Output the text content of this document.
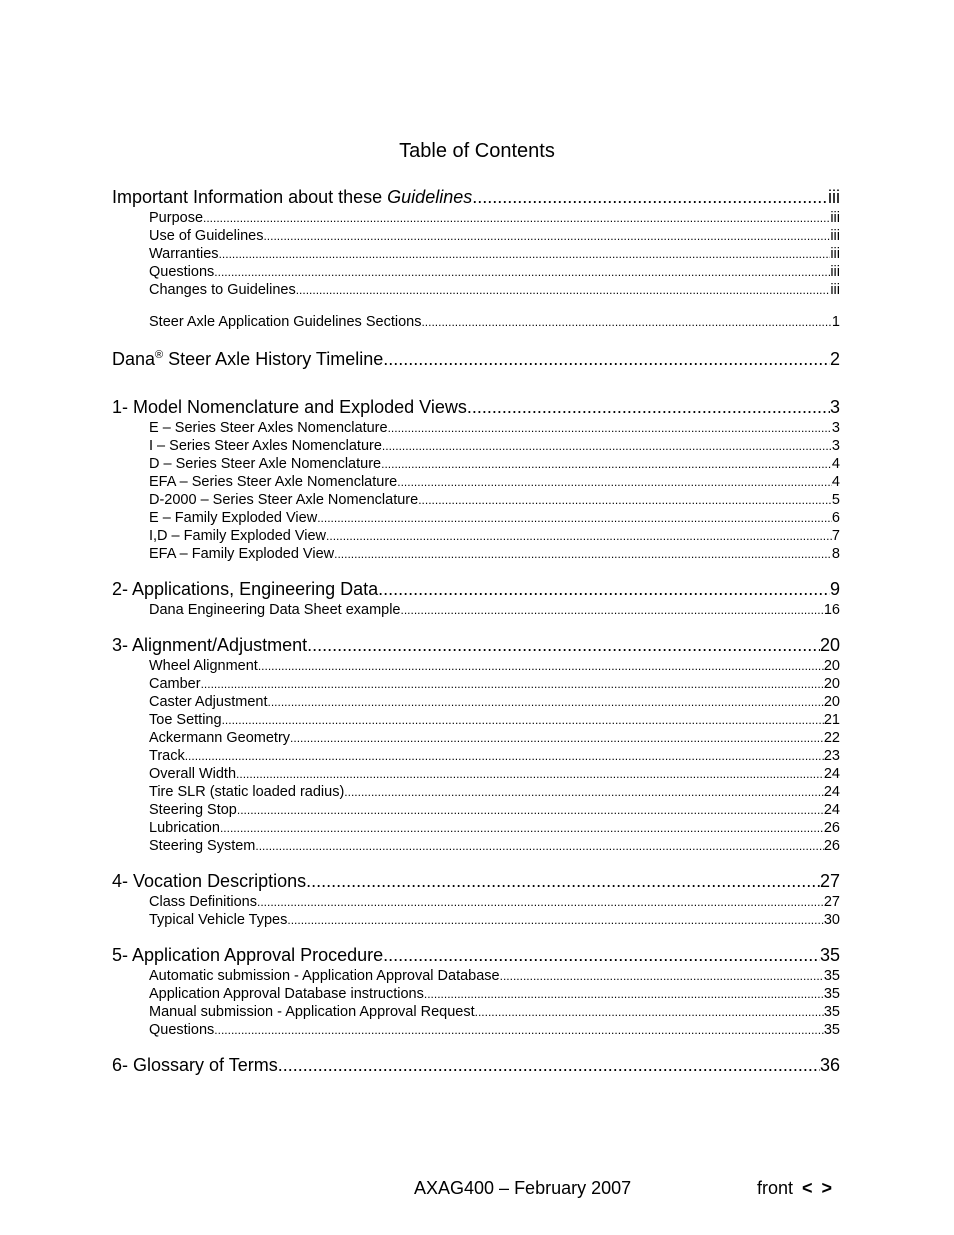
Table of Contents
Important Information about these Guidelines .....	iii
Purpose .....	iii
Use of Guidelines .....	iii
Warranties .....	iii
Questions .....	iii
Changes to Guidelines .....	iii
Steer Axle Application Guidelines Sections .....	1
Dana® Steer Axle History Timeline .....	2
1- Model Nomenclature and Exploded Views .....	3
E – Series Steer Axles Nomenclature .....	3
I – Series Steer Axles Nomenclature .....	3
D – Series Steer Axle Nomenclature .....	4
EFA – Series Steer Axle Nomenclature .....	4
D-2000 – Series Steer Axle Nomenclature .....	5
E – Family Exploded View .....	6
I,D – Family Exploded View .....	7
EFA – Family Exploded View .....	8
2- Applications, Engineering Data .....	9
Dana Engineering Data Sheet example .....	16
3- Alignment/Adjustment .....	20
Wheel Alignment .....	20
Camber .....	20
Caster Adjustment .....	20
Toe Setting .....	21
Ackermann Geometry .....	22
Track .....	23
Overall Width .....	24
Tire SLR (static loaded radius) .....	24
Steering Stop .....	24
Lubrication .....	26
Steering System .....	26
4- Vocation Descriptions .....	27
Class Definitions .....	27
Typical Vehicle Types .....	30
5- Application Approval Procedure .....	35
Automatic submission - Application Approval Database .....	35
Application Approval Database instructions .....	35
Manual submission - Application Approval Request .....	35
Questions .....	35
6- Glossary of Terms .....	36
AXAG400 – February 2007	front < >
